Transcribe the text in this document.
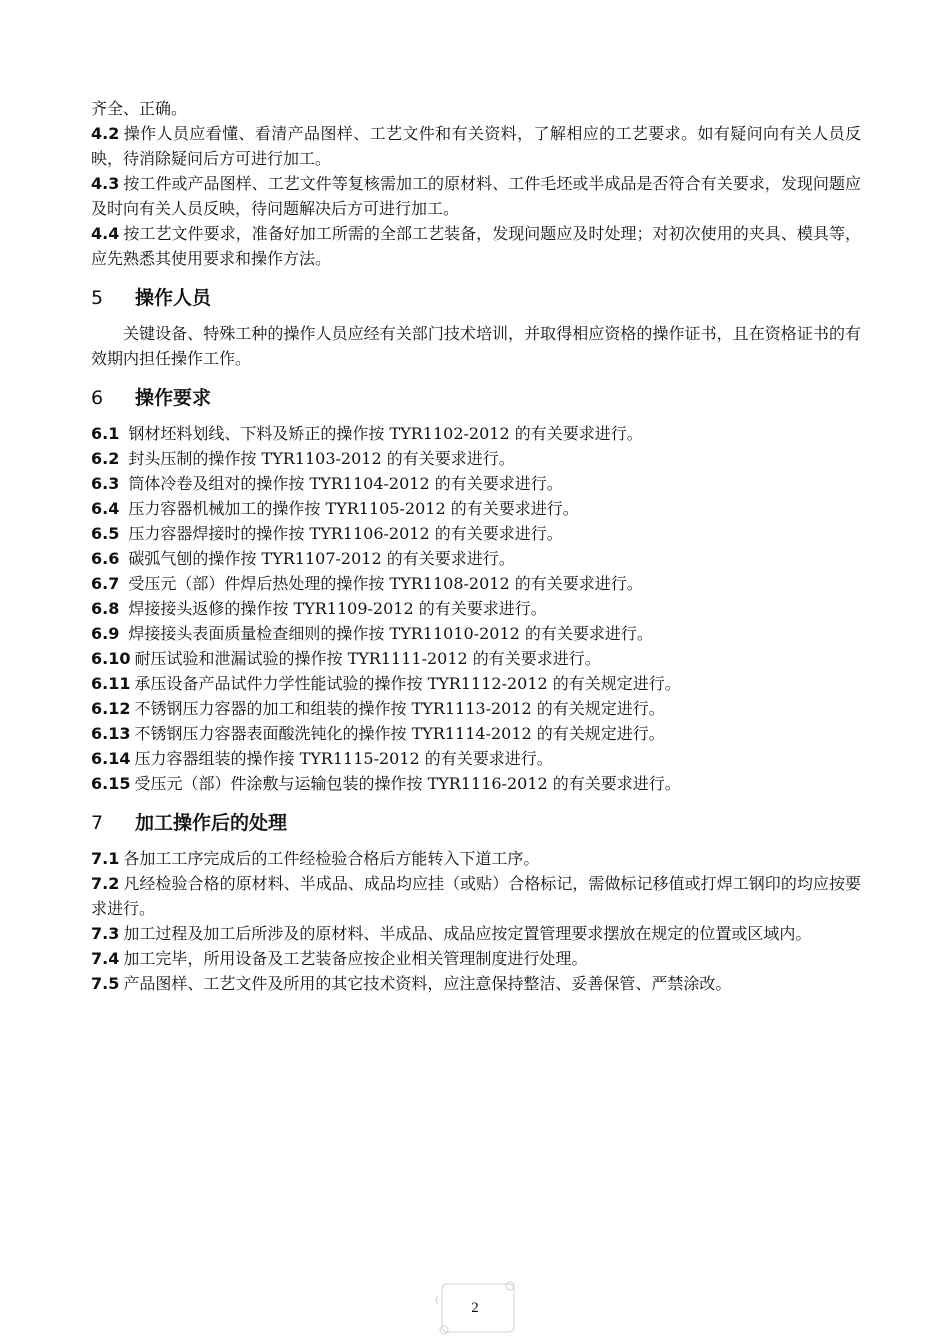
齐全、正确。

4.2 操作人员应看懂、看清产品图样、工艺文件和有关资料，了解相应的工艺要求。如有疑问向有关人员反映，待消除疑问后方可进行加工。

4.3 按工件或产品图样、工艺文件等复核需加工的原材料、工件毛坯或半成品是否符合有关要求，发现问题应及时向有关人员反映，待问题解决后方可进行加工。

4.4 按工艺文件要求，准备好加工所需的全部工艺装备，发现问题应及时处理；对初次使用的夹具、模具等，应先熟悉其使用要求和操作方法。

5 操作人员

关键设备、特殊工种的操作人员应经有关部门技术培训，并取得相应资格的操作证书，且在资格证书的有效期内担任操作工作。

6 操作要求

6.1 钢材坯料划线、下料及矫正的操作按 TYR1102-2012 的有关要求进行。

6.2 封头压制的操作按 TYR1103-2012 的有关要求进行。

6.3 筒体冷卷及组对的操作按 TYR1104-2012 的有关要求进行。

6.4 压力容器机械加工的操作按 TYR1105-2012 的有关要求进行。

6.5 压力容器焊接时的操作按 TYR1106-2012 的有关要求进行。

6.6 碳弧气刨的操作按 TYR1107-2012 的有关要求进行。

6.7 受压元（部）件焊后热处理的操作按 TYR1108-2012 的有关要求进行。

6.8 焊接接头返修的操作按 TYR1109-2012 的有关要求进行。

6.9 焊接接头表面质量检查细则的操作按 TYR11010-2012 的有关要求进行。

6.10 耐压试验和泄漏试验的操作按 TYR1111-2012 的有关要求进行。

6.11 承压设备产品试件力学性能试验的操作按 TYR1112-2012 的有关规定进行。

6.12 不锈钢压力容器的加工和组装的操作按 TYR1113-2012 的有关规定进行。

6.13 不锈钢压力容器表面酸洗钝化的操作按 TYR1114-2012 的有关规定进行。

6.14 压力容器组装的操作接 TYR1115-2012 的有关要求进行。

6.15 受压元（部）件涂敷与运输包装的操作按 TYR1116-2012 的有关要求进行。

7 加工操作后的处理

7.1 各加工工序完成后的工件经检验合格后方能转入下道工序。

7.2 凡经检验合格的原材料、半成品、成品均应挂（或贴）合格标记，需做标记移值或打焊工钢印的均应按要求进行。

7.3 加工过程及加工后所涉及的原材料、半成品、成品应按定置管理要求摆放在规定的位置或区域内。

7.4 加工完毕，所用设备及工艺装备应按企业相关管理制度进行处理。

7.5 产品图样、工艺文件及所用的其它技术资料，应注意保持整洁、妥善保管、严禁涂改。

2
